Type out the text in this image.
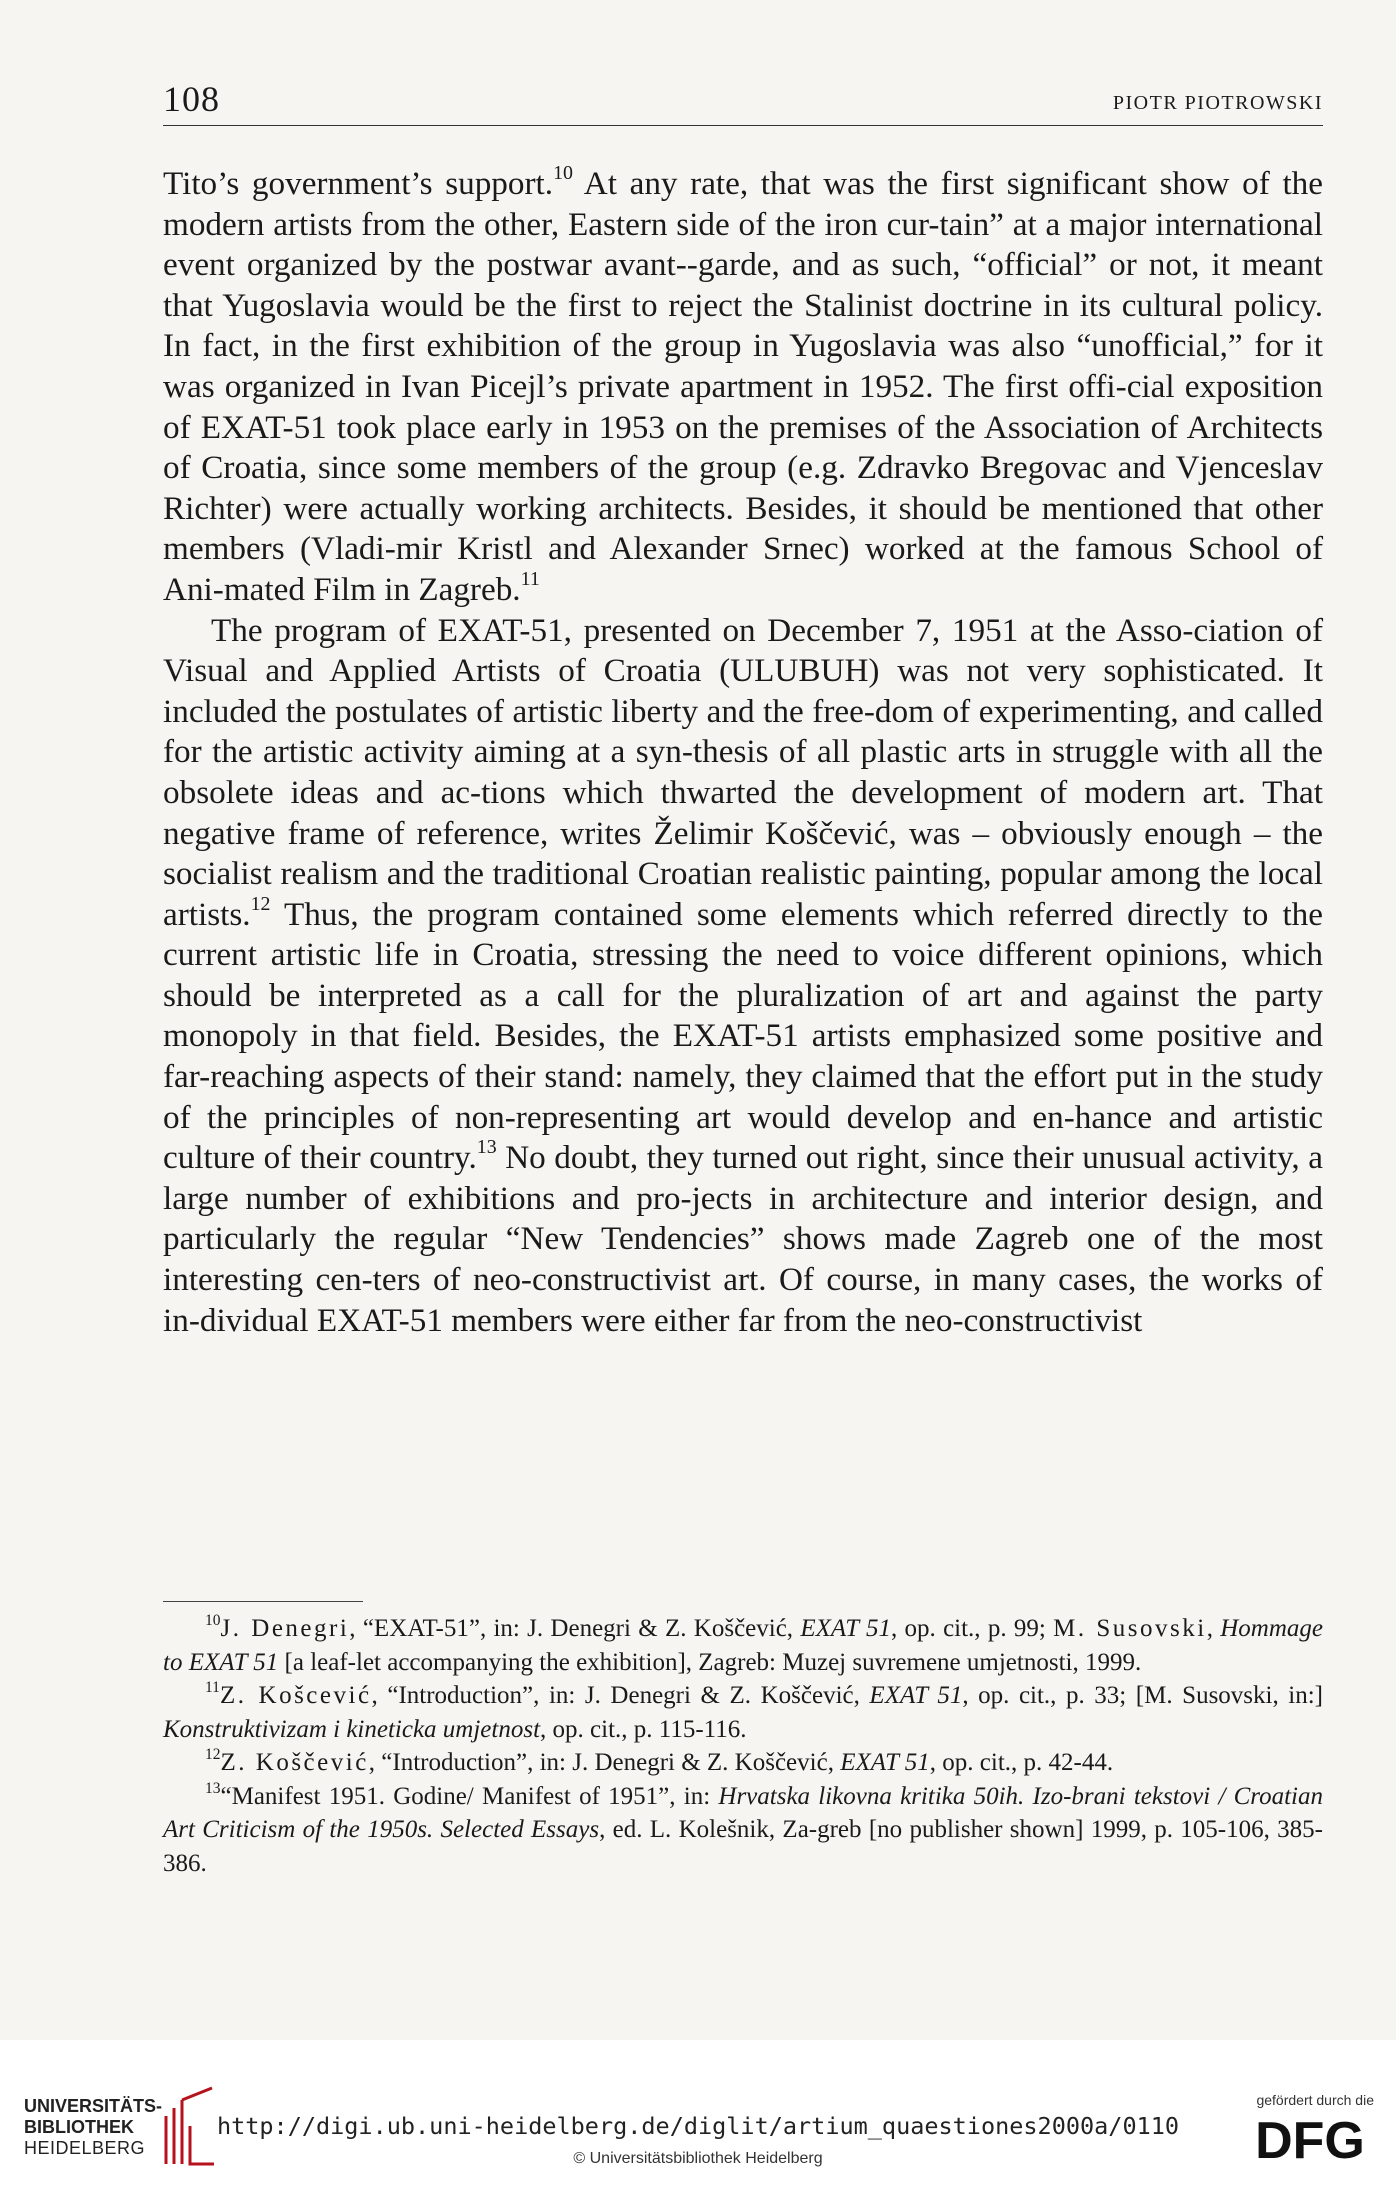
108	PIOTR PIOTROWSKI

Tito’s government’s support.$^{10}$ At any rate, that was the first significant show of the modern artists from the other, Eastern side of the iron cur-tain” at a major international event organized by the postwar avant--garde, and as such, “official” or not, it meant that Yugoslavia would be the first to reject the Stalinist doctrine in its cultural policy. In fact, in the first exhibition of the group in Yugoslavia was also “unofficial,” for it was organized in Ivan Picejl’s private apartment in 1952. The first offi-cial exposition of EXAT-51 took place early in 1953 on the premises of the Association of Architects of Croatia, since some members of the group (e.g. Zdravko Bregovac and Vjenceslav Richter) were actually working architects. Besides, it should be mentioned that other members (Vladi-mir Kristl and Alexander Srnec) worked at the famous School of Ani-mated Film in Zagreb.$^{11}$

The program of EXAT-51, presented on December 7, 1951 at the Asso-ciation of Visual and Applied Artists of Croatia (ULUBUH) was not very sophisticated. It included the postulates of artistic liberty and the free-dom of experimenting, and called for the artistic activity aiming at a syn-thesis of all plastic arts in struggle with all the obsolete ideas and ac-tions which thwarted the development of modern art. That negative frame of reference, writes Želimir Koščević, was – obviously enough – the socialist realism and the traditional Croatian realistic painting, popular among the local artists.$^{12}$ Thus, the program contained some elements which referred directly to the current artistic life in Croatia, stressing the need to voice different opinions, which should be interpreted as a call for the pluralization of art and against the party monopoly in that field. Besides, the EXAT-51 artists emphasized some positive and far-reaching aspects of their stand: namely, they claimed that the effort put in the study of the principles of non-representing art would develop and en-hance and artistic culture of their country.$^{13}$ No doubt, they turned out right, since their unusual activity, a large number of exhibitions and pro-jects in architecture and interior design, and particularly the regular “New Tendencies” shows made Zagreb one of the most interesting cen-ters of neo-constructivist art. Of course, in many cases, the works of in-dividual EXAT-51 members were either far from the neo-constructivist

$^{10}$J. Denegri, “EXAT-51”, in: J. Denegri & Z. Koščević, EXAT 51, op. cit., p. 99; M. Susovski, Hommage to EXAT 51 [a leaf-let accompanying the exhibition], Zagreb: Muzej suvremene umjetnosti, 1999.

$^{11}$Z. Košcević, “Introduction”, in: J. Denegri & Z. Koščević, EXAT 51, op. cit., p. 33; [M. Susovski, in:] Konstruktivizam i kineticka umjetnost, op. cit., p. 115-116.

$^{12}$Z. Koščević, “Introduction”, in: J. Denegri & Z. Koščević, EXAT 51, op. cit., p. 42-44.

$^{13}$“Manifest 1951. Godine/ Manifest of 1951”, in: Hrvatska likovna kritika 50ih. Izo-brani tekstovi / Croatian Art Criticism of the 1950s. Selected Essays, ed. L. Kolešnik, Za-greb [no publisher shown] 1999, p. 105-106, 385-386.

UNIVERSITÄTS-
BIBLIOTHEK
HEIDELBERG
http://digi.ub.uni-heidelberg.de/diglit/artium_quaestiones2000a/0110
© Universitätsbibliothek Heidelberg
gefördert durch die
DFG
